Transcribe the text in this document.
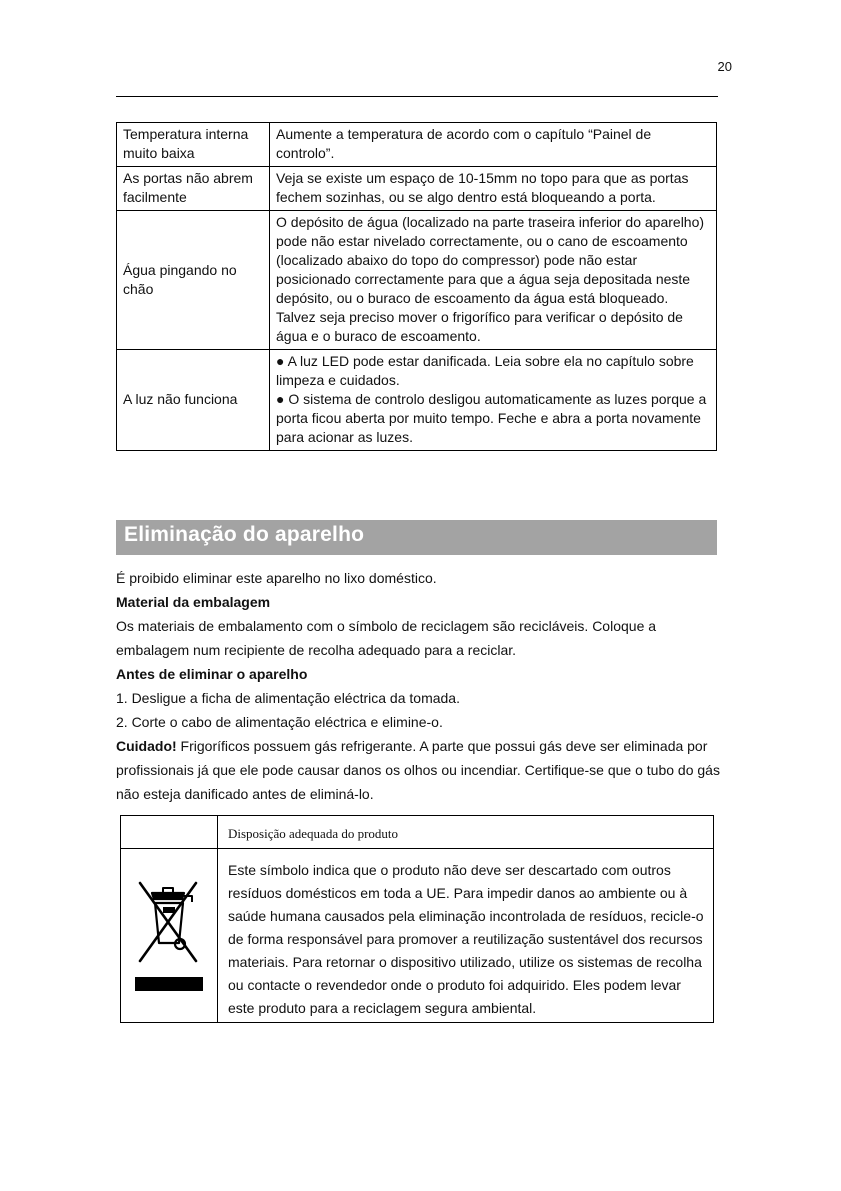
20
Temperatura interna muito baixa	Aumente a temperatura de acordo com o capítulo “Painel de controlo”.
As portas não abrem facilmente	Veja se existe um espaço de 10-15mm no topo para que as portas fechem sozinhas, ou se algo dentro está bloqueando a porta.
Água pingando no chão	O depósito de água (localizado na parte traseira inferior do aparelho) pode não estar nivelado correctamente, ou o cano de escoamento (localizado abaixo do topo do compressor) pode não estar posicionado correctamente para que a água seja depositada neste depósito, ou o buraco de escoamento da água está bloqueado. Talvez seja preciso mover o frigorífico para verificar o depósito de água e o buraco de escoamento.
A luz não funciona	● A luz LED pode estar danificada. Leia sobre ela no capítulo sobre limpeza e cuidados.
● O sistema de controlo desligou automaticamente as luzes porque a porta ficou aberta por muito tempo. Feche e abra a porta novamente para acionar as luzes.
Eliminação do aparelho

É proibido eliminar este aparelho no lixo doméstico.

Material da embalagem

Os materiais de embalamento com o símbolo de reciclagem são recicláveis. Coloque a embalagem num recipiente de recolha adequado para a reciclar.

Antes de eliminar o aparelho

1. Desligue a ficha de alimentação eléctrica da tomada.

2. Corte o cabo de alimentação eléctrica e elimine-o.

Cuidado! Frigoríficos possuem gás refrigerante. A parte que possui gás deve ser eliminada por profissionais já que ele pode causar danos os olhos ou incendiar. Certifique-se que o tubo do gás não esteja danificado antes de eliminá-lo.

	Disposição adequada do produto
	Este símbolo indica que o produto não deve ser descartado com outros resíduos domésticos em toda a UE. Para impedir danos ao ambiente ou à saúde humana causados pela eliminação incontrolada de resíduos, recicle-o de forma responsável para promover a reutilização sustentável dos recursos materiais. Para retornar o dispositivo utilizado, utilize os sistemas de recolha ou contacte o revendedor onde o produto foi adquirido. Eles podem levar este produto para a reciclagem segura ambiental.
